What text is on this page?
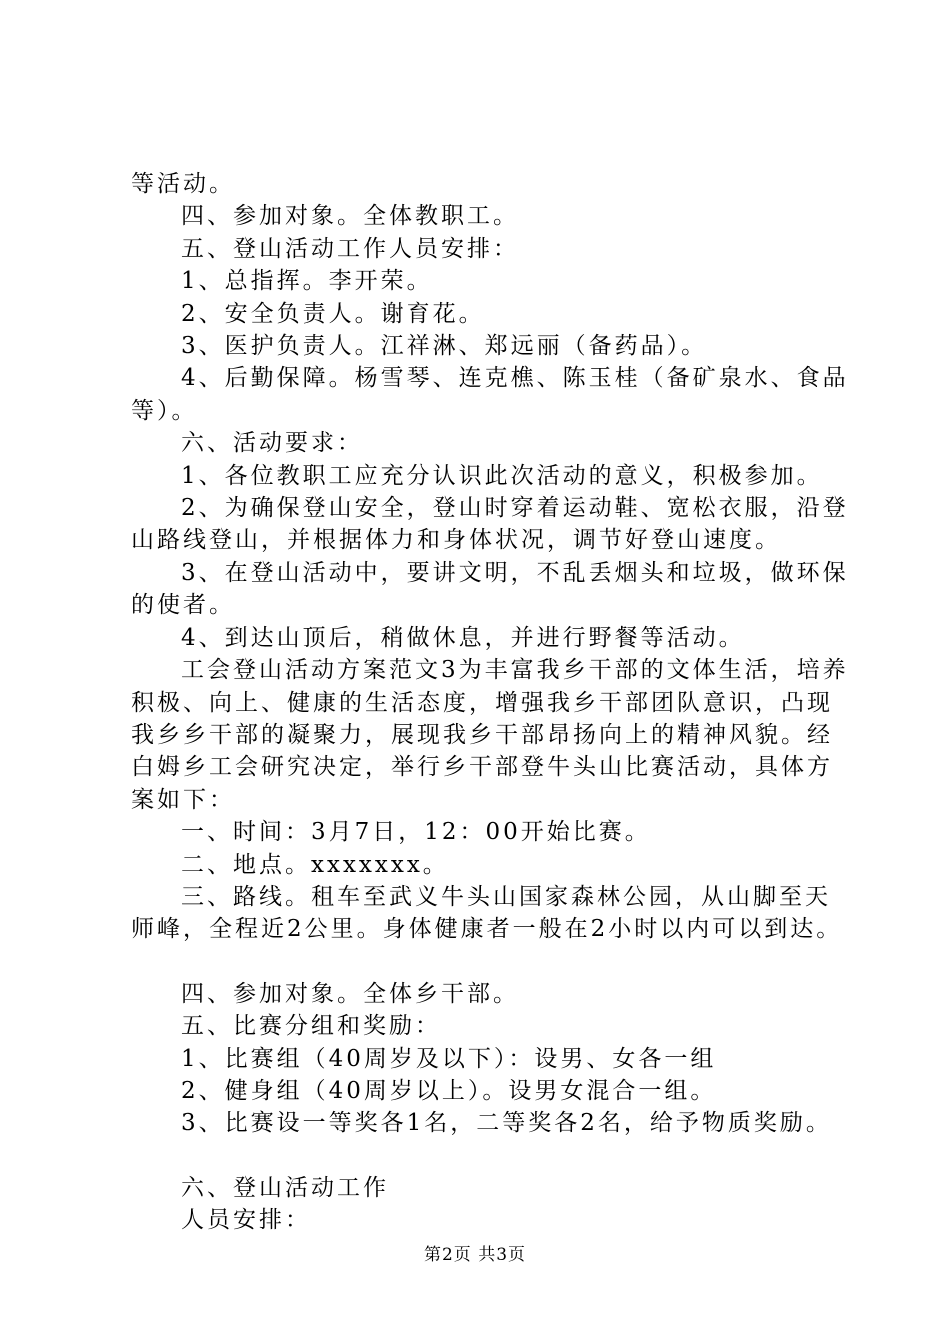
等活动。

四、参加对象。全体教职工。

五、登山活动工作人员安排：

1、总指挥。李开荣。

2、安全负责人。谢育花。

3、医护负责人。江祥淋、郑远丽（备药品）。

4、后勤保障。杨雪琴、连克樵、陈玉桂（备矿泉水、食品等）。

六、活动要求：

1、各位教职工应充分认识此次活动的意义，积极参加。

2、为确保登山安全，登山时穿着运动鞋、宽松衣服，沿登山路线登山，并根据体力和身体状况，调节好登山速度。

3、在登山活动中，要讲文明，不乱丢烟头和垃圾，做环保的使者。

4、到达山顶后，稍做休息，并进行野餐等活动。

工会登山活动方案范文3为丰富我乡干部的文体生活，培养积极、向上、健康的生活态度，增强我乡干部团队意识，凸现我乡乡干部的凝聚力，展现我乡干部昂扬向上的精神风貌。经白姆乡工会研究决定，举行乡干部登牛头山比赛活动，具体方案如下：

一、时间：3月7日，12：00开始比赛。

二、地点。xxxxxxx。

三、路线。租车至武义牛头山国家森林公园，从山脚至天师峰，全程近2公里。身体健康者一般在2小时以内可以到达。

四、参加对象。全体乡干部。

五、比赛分组和奖励：

1、比赛组（40周岁及以下）：设男、女各一组

2、健身组（40周岁以上）。设男女混合一组。

3、比赛设一等奖各1名，二等奖各2名，给予物质奖励。

六、登山活动工作

人员安排：

第2页 共3页
